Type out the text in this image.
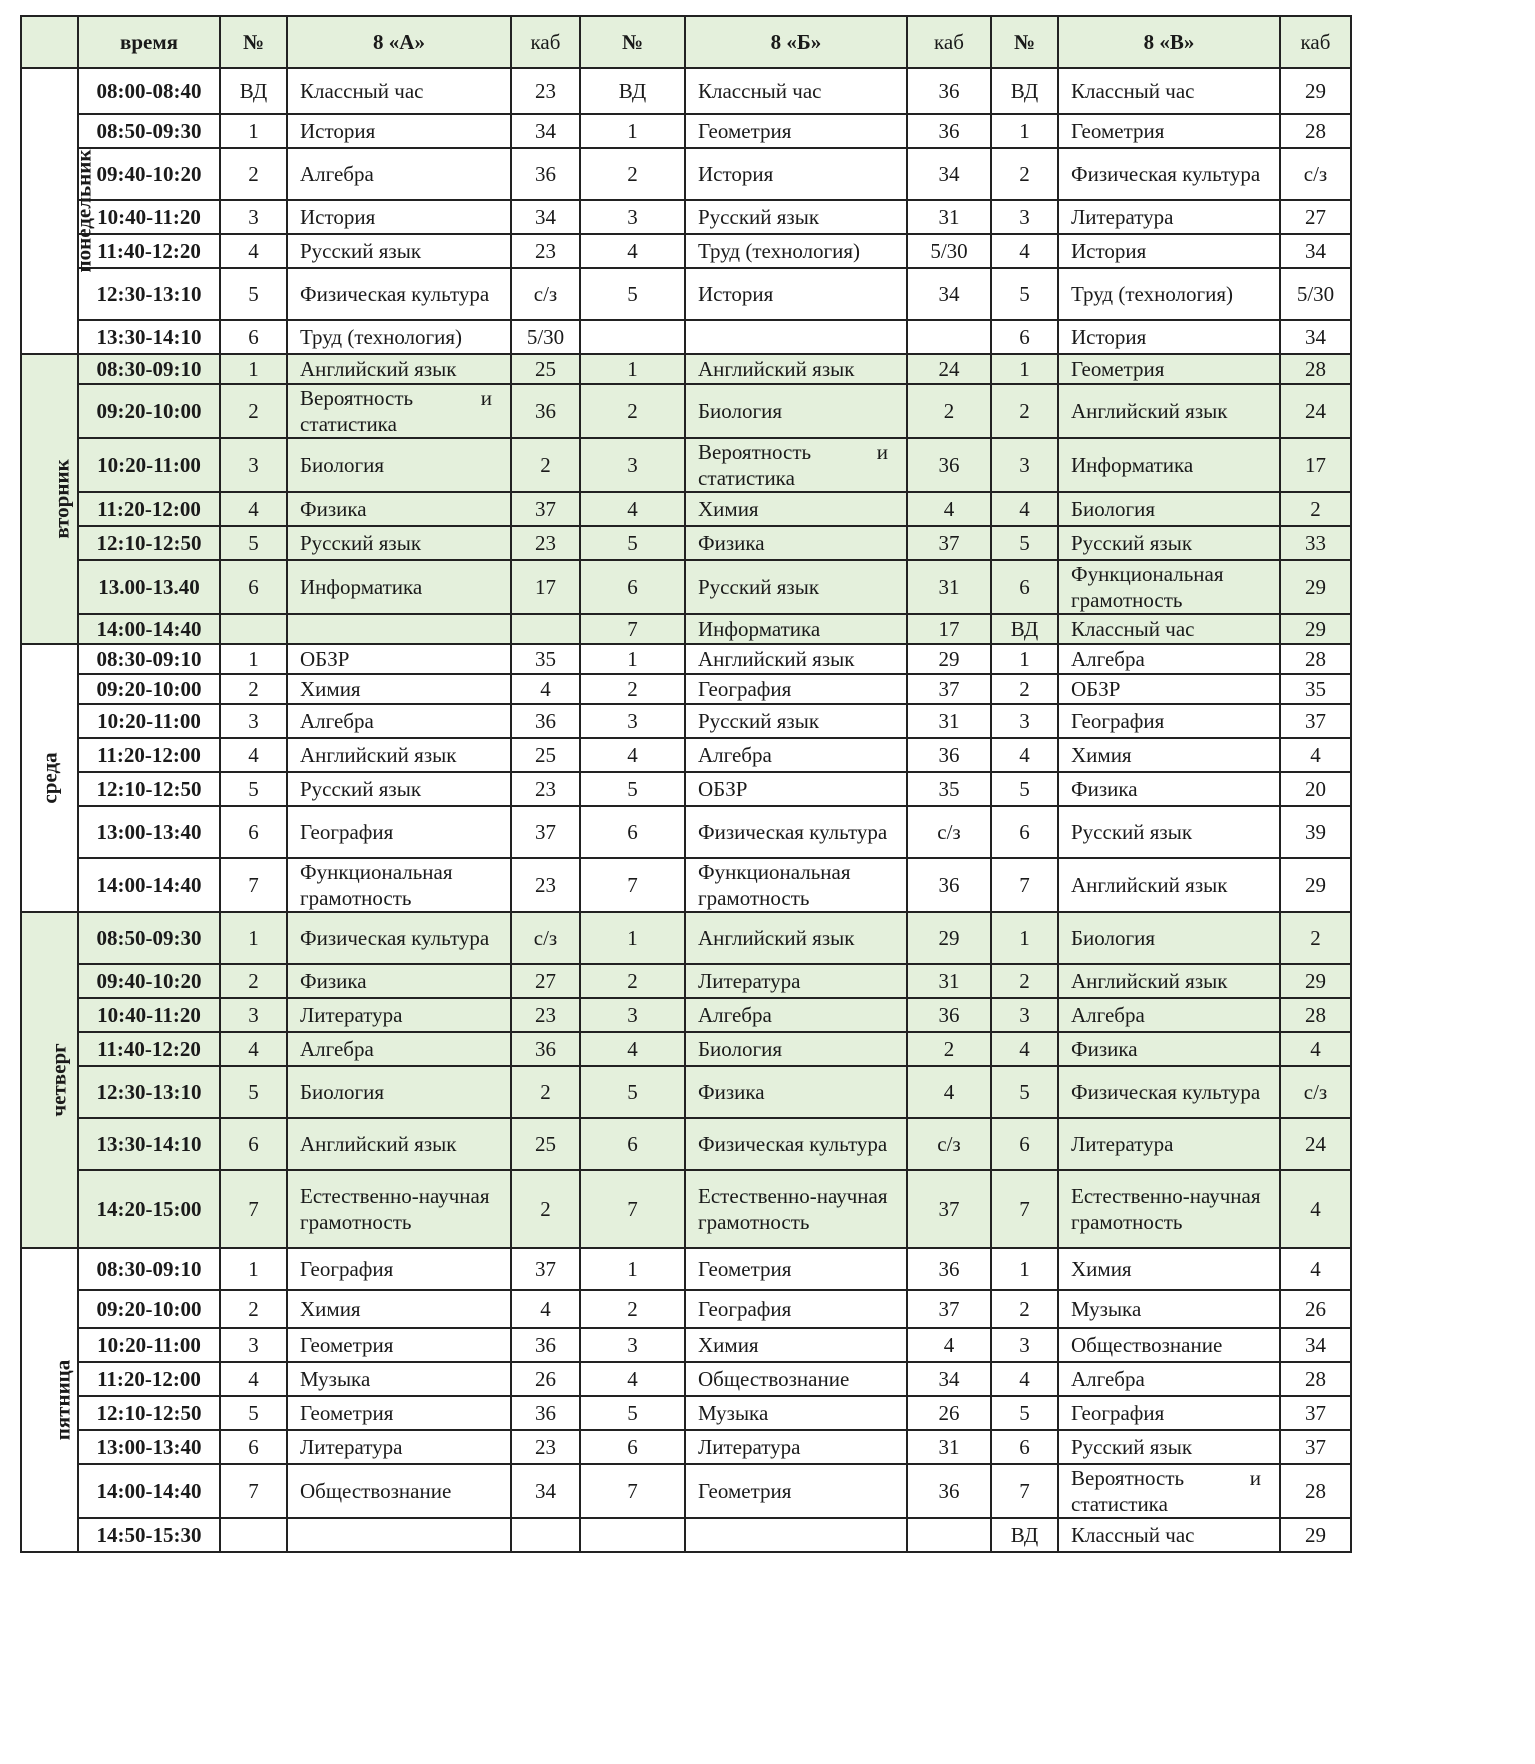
	время	№	8 «А»	каб	№	8 «Б»	каб	№	8 «В»	каб
понедельник	08:00-08:40	ВД	Классный час	23	ВД	Классный час	36	ВД	Классный час	29
	08:50-09:30	1	История	34	1	Геометрия	36	1	Геометрия	28
	09:40-10:20	2	Алгебра	36	2	История	34	2	Физическая культура	с/з
	10:40-11:20	3	История	34	3	Русский язык	31	3	Литература	27
	11:40-12:20	4	Русский язык	23	4	Труд (технология)	5/30	4	История	34
	12:30-13:10	5	Физическая культура	с/з	5	История	34	5	Труд (технология)	5/30
	13:30-14:10	6	Труд (технология)	5/30				6	История	34
вторник	08:30-09:10	1	Английский язык	25	1	Английский язык	24	1	Геометрия	28
	09:20-10:00	2	Вероятность и статистика	36	2	Биология	2	2	Английский язык	24
	10:20-11:00	3	Биология	2	3	Вероятность и статистика	36	3	Информатика	17
	11:20-12:00	4	Физика	37	4	Химия	4	4	Биология	2
	12:10-12:50	5	Русский язык	23	5	Физика	37	5	Русский язык	33
	13.00-13.40	6	Информатика	17	6	Русский язык	31	6	Функциональная грамотность	29
	14:00-14:40				7	Информатика	17	ВД	Классный час	29
среда	08:30-09:10	1	ОБЗР	35	1	Английский язык	29	1	Алгебра	28
	09:20-10:00	2	Химия	4	2	География	37	2	ОБЗР	35
	10:20-11:00	3	Алгебра	36	3	Русский язык	31	3	География	37
	11:20-12:00	4	Английский язык	25	4	Алгебра	36	4	Химия	4
	12:10-12:50	5	Русский язык	23	5	ОБЗР	35	5	Физика	20
	13:00-13:40	6	География	37	6	Физическая культура	с/з	6	Русский язык	39
	14:00-14:40	7	Функциональная грамотность	23	7	Функциональная грамотность	36	7	Английский язык	29
четверг	08:50-09:30	1	Физическая культура	с/з	1	Английский язык	29	1	Биология	2
	09:40-10:20	2	Физика	27	2	Литература	31	2	Английский язык	29
	10:40-11:20	3	Литература	23	3	Алгебра	36	3	Алгебра	28
	11:40-12:20	4	Алгебра	36	4	Биология	2	4	Физика	4
	12:30-13:10	5	Биология	2	5	Физика	4	5	Физическая культура	с/з
	13:30-14:10	6	Английский язык	25	6	Физическая культура	с/з	6	Литература	24
	14:20-15:00	7	Естественно-научная грамотность	2	7	Естественно-научная грамотность	37	7	Естественно-научная грамотность	4
пятница	08:30-09:10	1	География	37	1	Геометрия	36	1	Химия	4
	09:20-10:00	2	Химия	4	2	География	37	2	Музыка	26
	10:20-11:00	3	Геометрия	36	3	Химия	4	3	Обществознание	34
	11:20-12:00	4	Музыка	26	4	Обществознание	34	4	Алгебра	28
	12:10-12:50	5	Геометрия	36	5	Музыка	26	5	География	37
	13:00-13:40	6	Литература	23	6	Литература	31	6	Русский язык	37
	14:00-14:40	7	Обществознание	34	7	Геометрия	36	7	Вероятность и статистика	28
	14:50-15:30							ВД	Классный час	29
